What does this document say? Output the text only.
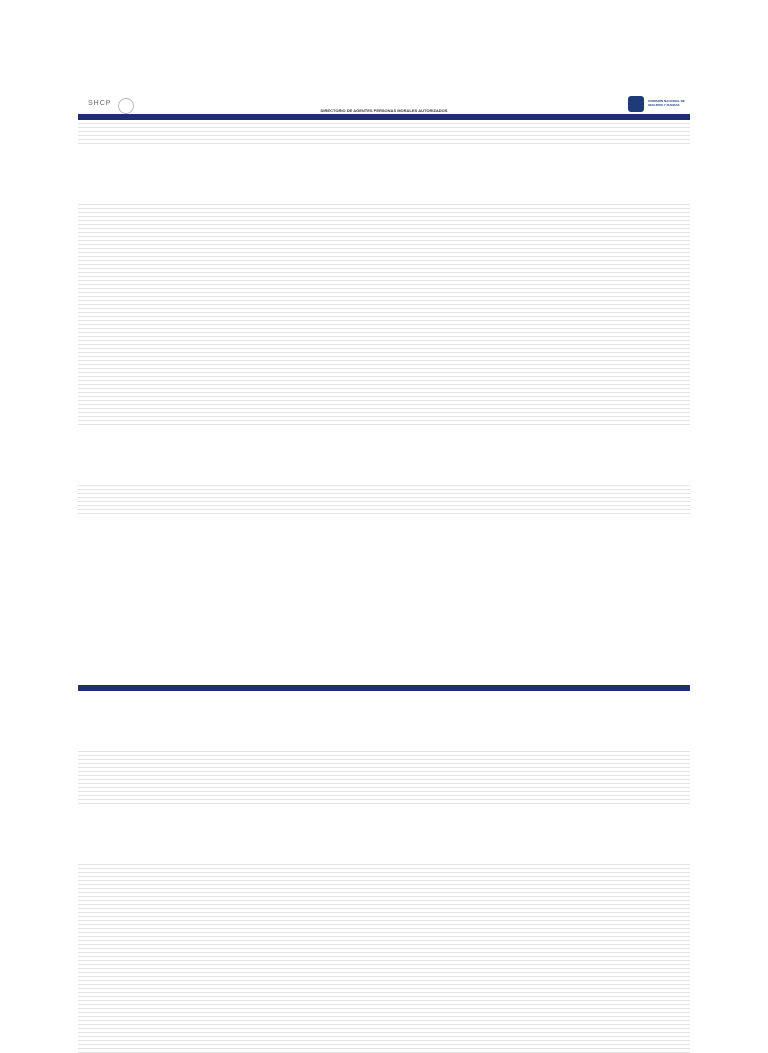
SHCP
DIRECTORIO DE AGENTES PERSONAS MORALES AUTORIZADOS
COMISIÓN NACIONAL DE SEGUROS Y FIANZAS
